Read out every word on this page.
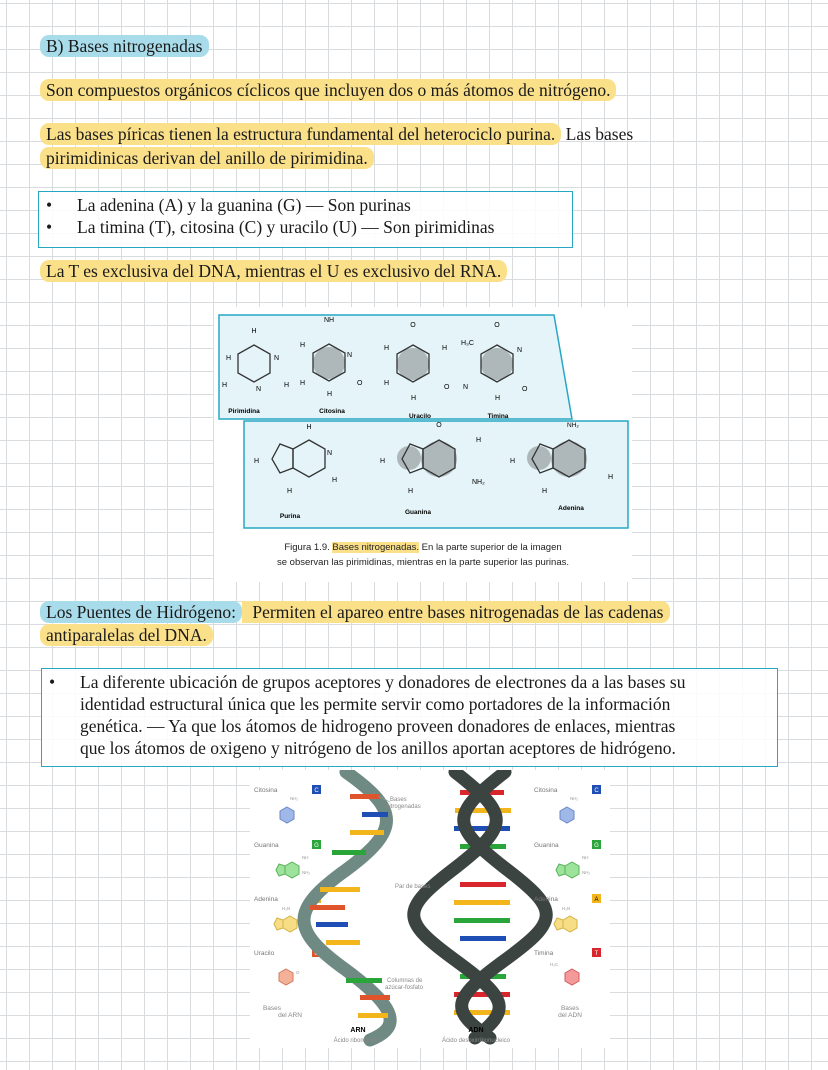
B) Bases nitrogenadas
Son compuestos orgánicos cíclicos que incluyen dos o más átomos de nitrógeno.
Las bases píricas tienen la estructura fundamental del heterociclo purina. Las bases
pirimidinicas derivan del anillo de pirimidina.
• La adenina (A) y la guanina (G) — Son purinas
• La timina (T), citosina (C) y uracilo (U) — Son pirimidinas
La T es exclusiva del DNA, mientras el U es exclusivo del RNA.
H
N
H
H
N
H
NH
H
N
H	O
H
O
H	H
H
O
H
O
H₃C
N
N	O
H
Pirimidina	Citosina
Uracilo	Timina
H
H
N
H
H
O
H
H
NH₂
H
NH₂
H
H
H
Purina
Guanina
Adenina
Figura 1.9. Bases nitrogenadas. En la parte superior de la imagen
se observan las pirimidinas, mientras en la parte superior las purinas.
Los Puentes de Hidrógeno: Permiten el apareo entre bases nitrogenadas de las cadenas
antiparalelas del DNA.
• La diferente ubicación de grupos aceptores y donadores de electrones da a las bases su
identidad estructural única que les permite servir como portadores de la información
genética. — Ya que los átomos de hidrogeno proveen donadores de enlaces, mientras
que los átomos de oxigeno y nitrógeno de los anillos aportan aceptores de hidrógeno.
Citosina
Guanina
Adenina
Uracilo
C
G
A
U
NH₂
NH
NH₂
H₂N
O
Bases
del ARN
Bases
nitrogenadas
Par de bases
Columnas de
azúcar-fosfato
ARN
Ácido ribonucleico
ADN
Ácido desoxirribonucleico
Citosina
Guanina
Adenina
Timina
C
G
A
T
NH₂
NH
NH₂
H₂N
H₃C
Bases
del ADN
